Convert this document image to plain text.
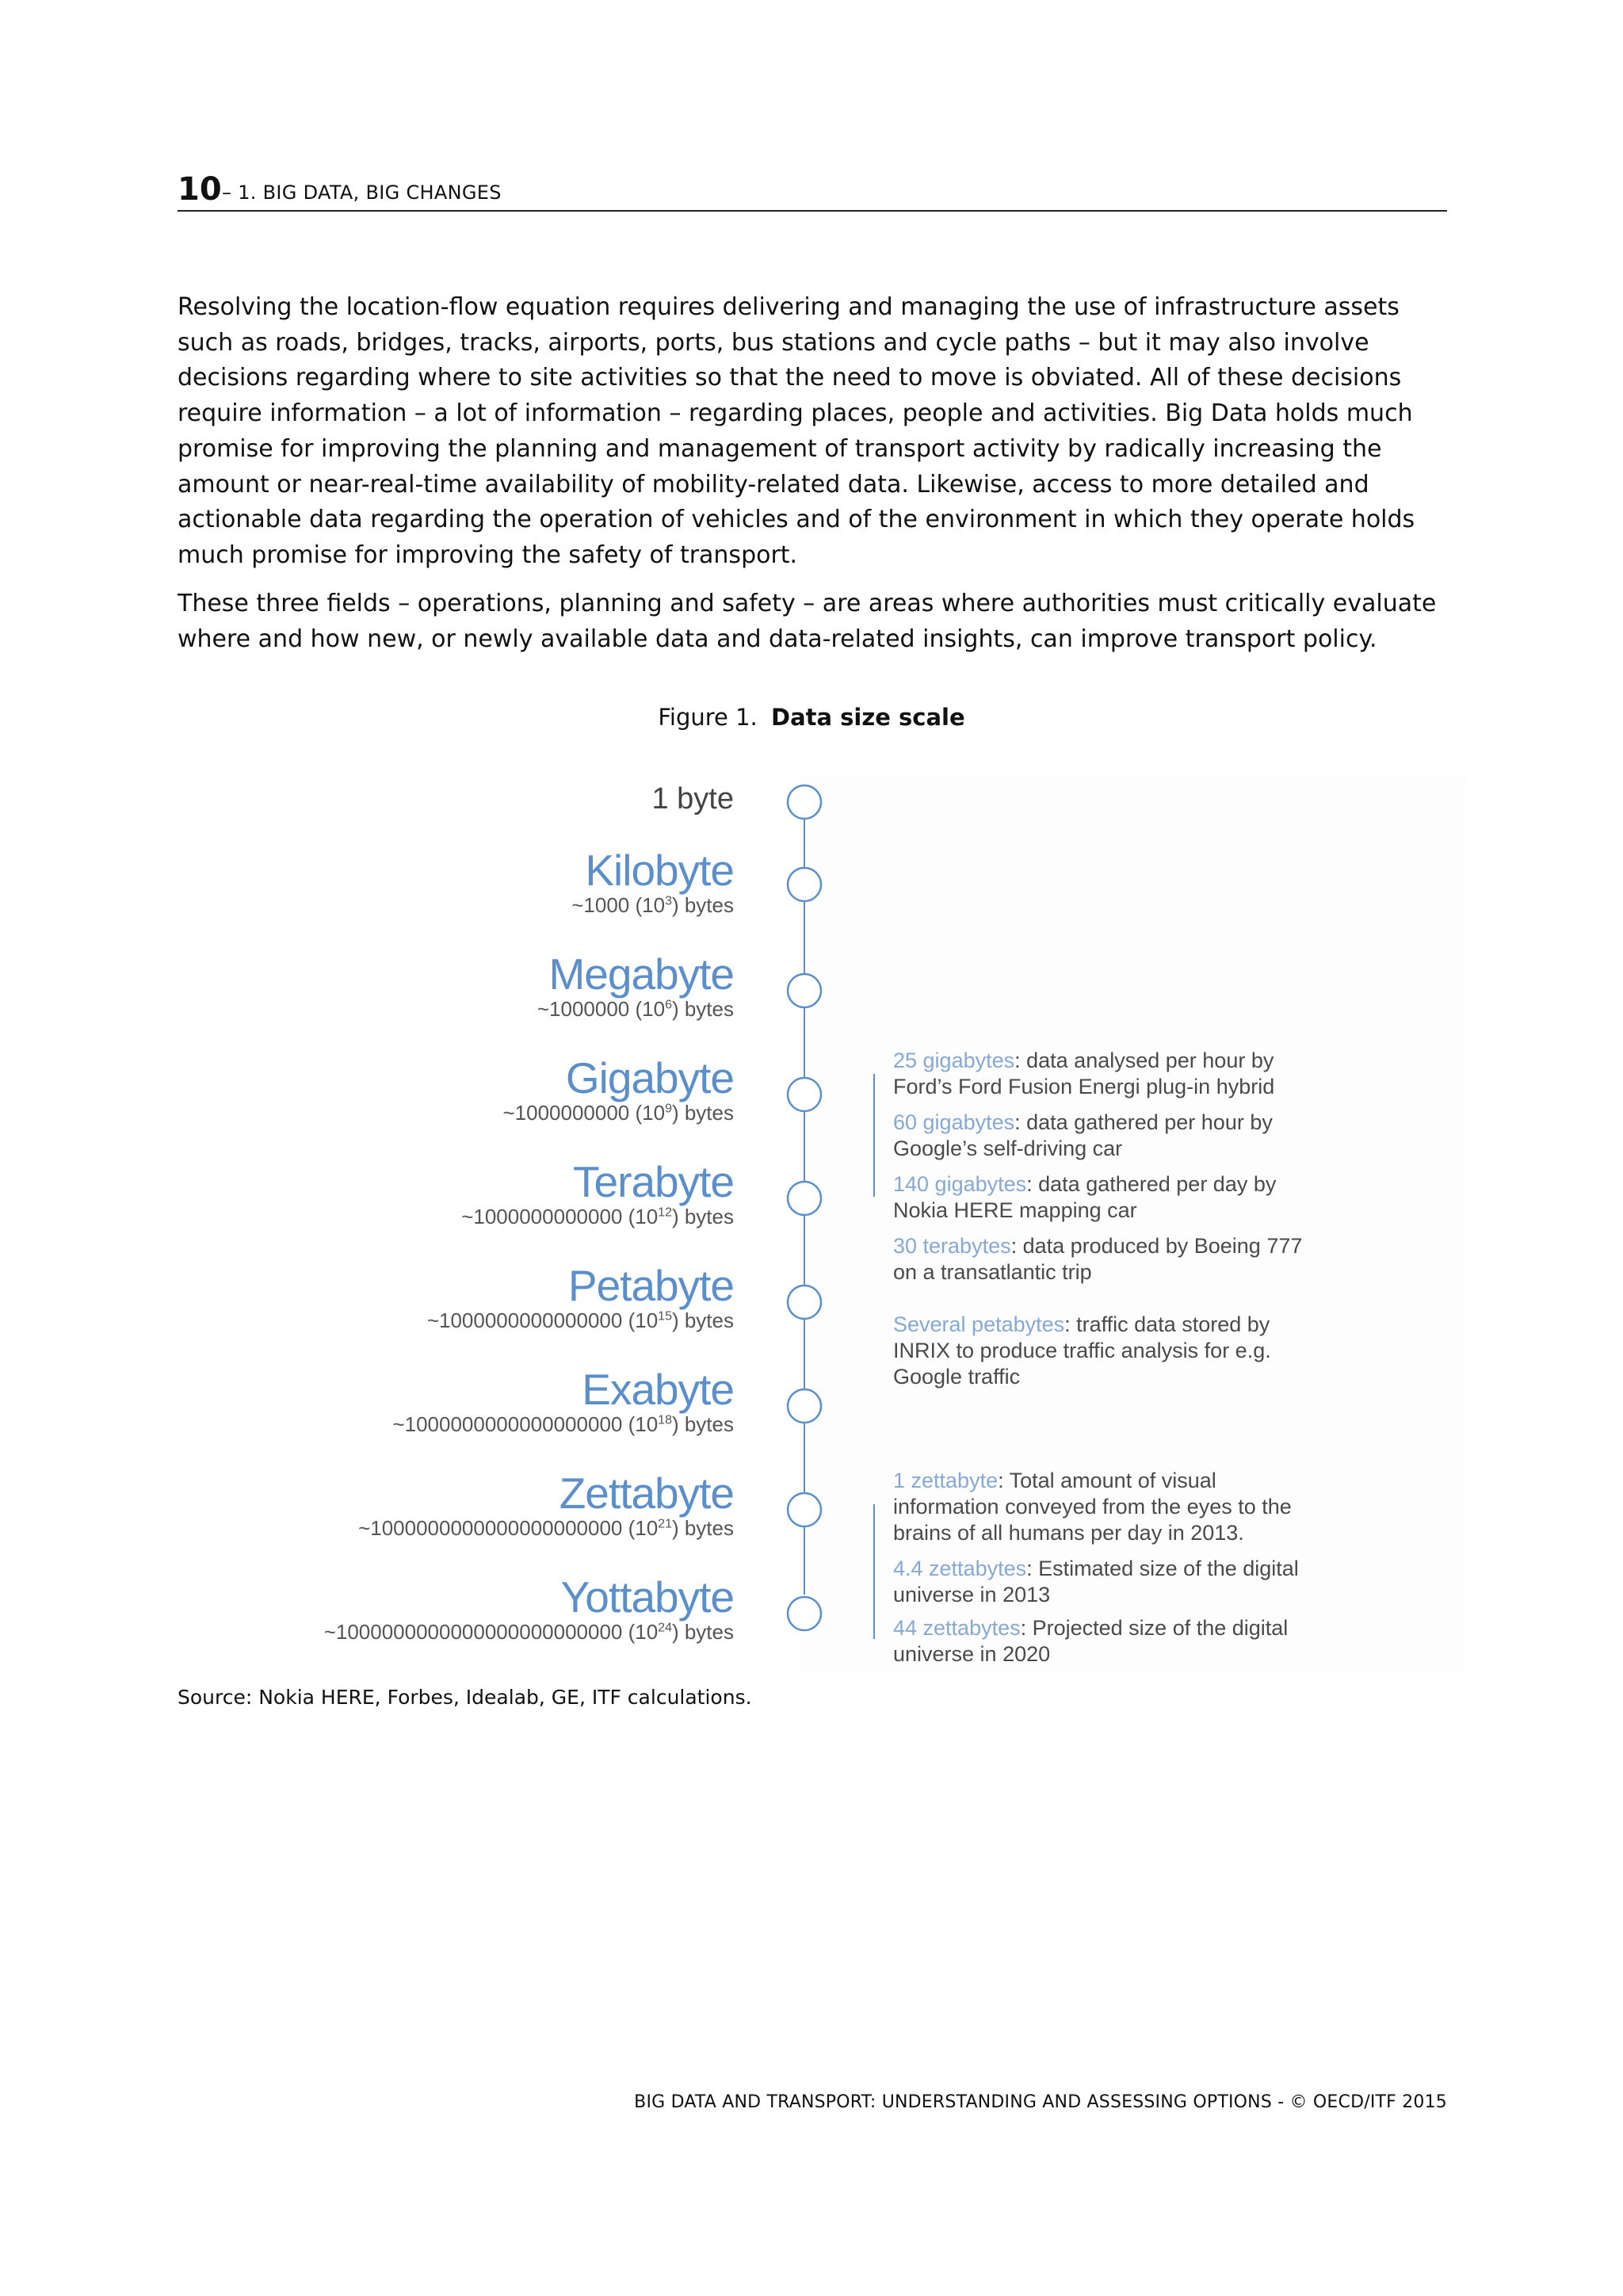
10 – 1. BIG DATA, BIG CHANGES

Resolving the location-flow equation requires delivering and managing the use of infrastructure assets such as roads, bridges, tracks, airports, ports, bus stations and cycle paths – but it may also involve decisions regarding where to site activities so that the need to move is obviated. All of these decisions require information – a lot of information – regarding places, people and activities. Big Data holds much promise for improving the planning and management of transport activity by radically increasing the amount or near-real-time availability of mobility-related data. Likewise, access to more detailed and actionable data regarding the operation of vehicles and of the environment in which they operate holds much promise for improving the safety of transport.

These three fields – operations, planning and safety – are areas where authorities must critically evaluate where and how new, or newly available data and data-related insights, can improve transport policy.

Figure 1. Data size scale
1 byte
Kilobyte
~1000 $(10^3)$ bytes
Megabyte
~1000000 $(10^6)$ bytes
Gigabyte
~1000000000 $(10^9)$ bytes
Terabyte
~1000000000000 $(10^{12})$ bytes
Petabyte
~1000000000000000 $(10^{15})$ bytes
Exabyte
~1000000000000000000 $(10^{18})$ bytes
Zettabyte
~1000000000000000000000 $(10^{21})$ bytes
Yottabyte
~1000000000000000000000000 $(10^{24})$ bytes
25 gigabytes: data analysed per hour by Ford’s Ford Fusion Energi plug-in hybrid
60 gigabytes: data gathered per hour by Google’s self-driving car
140 gigabytes: data gathered per day by Nokia HERE mapping car
30 terabytes: data produced by Boeing 777 on a transatlantic trip
Several petabytes: traffic data stored by INRIX to produce traffic analysis for e.g. Google traffic
1 zettabyte: Total amount of visual information conveyed from the eyes to the brains of all humans per day in 2013.
4.4 zettabytes: Estimated size of the digital universe in 2013
44 zettabytes: Projected size of the digital universe in 2020
Source: Nokia HERE, Forbes, Idealab, GE, ITF calculations.
BIG DATA AND TRANSPORT: UNDERSTANDING AND ASSESSING OPTIONS - © OECD/ITF 2015
